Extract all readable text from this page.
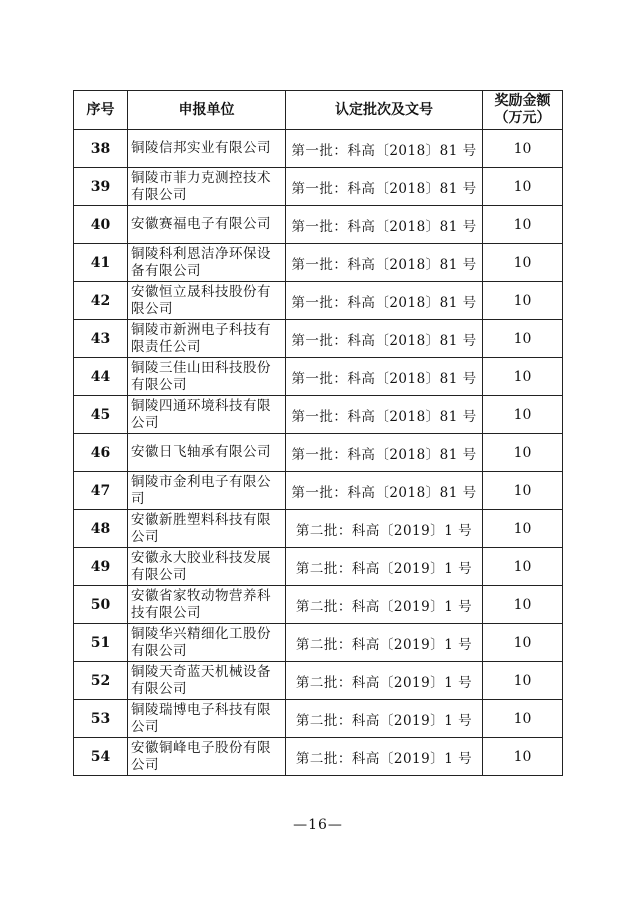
序号	申报单位	认定批次及文号	奖励金额
（万元）

38	铜陵信邦实业有限公司	第一批：科高〔2018〕81 号	10
39	铜陵市菲力克测控技术有限公司	第一批：科高〔2018〕81 号	10
40	安徽赛福电子有限公司	第一批：科高〔2018〕81 号	10
41	铜陵科利恩洁净环保设备有限公司	第一批：科高〔2018〕81 号	10
42	安徽恒立晟科技股份有限公司	第一批：科高〔2018〕81 号	10
43	铜陵市新洲电子科技有限责任公司	第一批：科高〔2018〕81 号	10
44	铜陵三佳山田科技股份有限公司	第一批：科高〔2018〕81 号	10
45	铜陵四通环境科技有限公司	第一批：科高〔2018〕81 号	10
46	安徽日飞轴承有限公司	第一批：科高〔2018〕81 号	10
47	铜陵市金利电子有限公司	第一批：科高〔2018〕81 号	10
48	安徽新胜塑料科技有限公司	第二批：科高〔2019〕1 号	10
49	安徽永大胶业科技发展有限公司	第二批：科高〔2019〕1 号	10
50	安徽省家牧动物营养科技有限公司	第二批：科高〔2019〕1 号	10
51	铜陵华兴精细化工股份有限公司	第二批：科高〔2019〕1 号	10
52	铜陵天奇蓝天机械设备有限公司	第二批：科高〔2019〕1 号	10
53	铜陵瑞博电子科技有限公司	第二批：科高〔2019〕1 号	10
54	安徽铜峰电子股份有限公司	第二批：科高〔2019〕1 号	10
—16—
